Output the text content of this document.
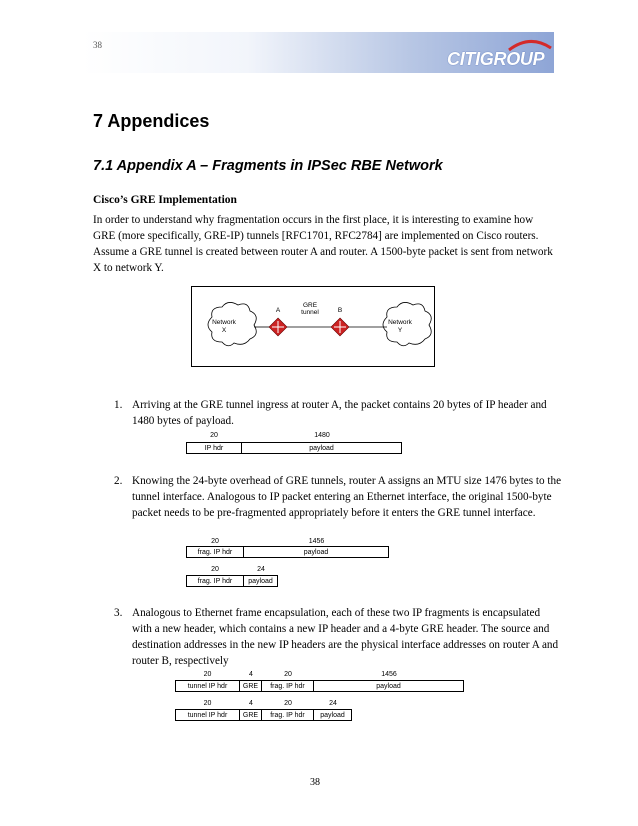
38
CITIGROUP
7 Appendices
7.1 Appendix A – Fragments in IPSec RBE Network
Cisco’s GRE Implementation

In order to understand why fragmentation occurs in the first place, it is interesting to examine how GRE (more specifically, GRE-IP) tunnels [RFC1701, RFC2784] are implemented on Cisco routers. Assume a GRE tunnel is created between router A and router. A 1500-byte packet is sent from network X to network Y.

Network
X
Network
Y
A	B
GRE
tunnel
1. Arriving at the GRE tunnel ingress at router A, the packet contains 20 bytes of IP header and 1480 bytes of payload.
20	1480
IP hdr	payload
2. Knowing the 24-byte overhead of GRE tunnels, router A assigns an MTU size 1476 bytes to the tunnel interface. Analogous to IP packet entering an Ethernet interface, the original 1500-byte packet needs to be pre-fragmented appropriately before it enters the GRE tunnel interface.
20	1456
frag. IP hdr	payload
20	24
frag. IP hdr	payload
3. Analogous to Ethernet frame encapsulation, each of these two IP fragments is encapsulated with a new header, which contains a new IP header and a 4-byte GRE header. The source and destination addresses in the new IP headers are the physical interface addresses on router A and router B, respectively
20	4	20	1456
tunnel IP hdr	GRE	frag. IP hdr	payload
20	4	20	24
tunnel IP hdr	GRE	frag. IP hdr	payload
38
